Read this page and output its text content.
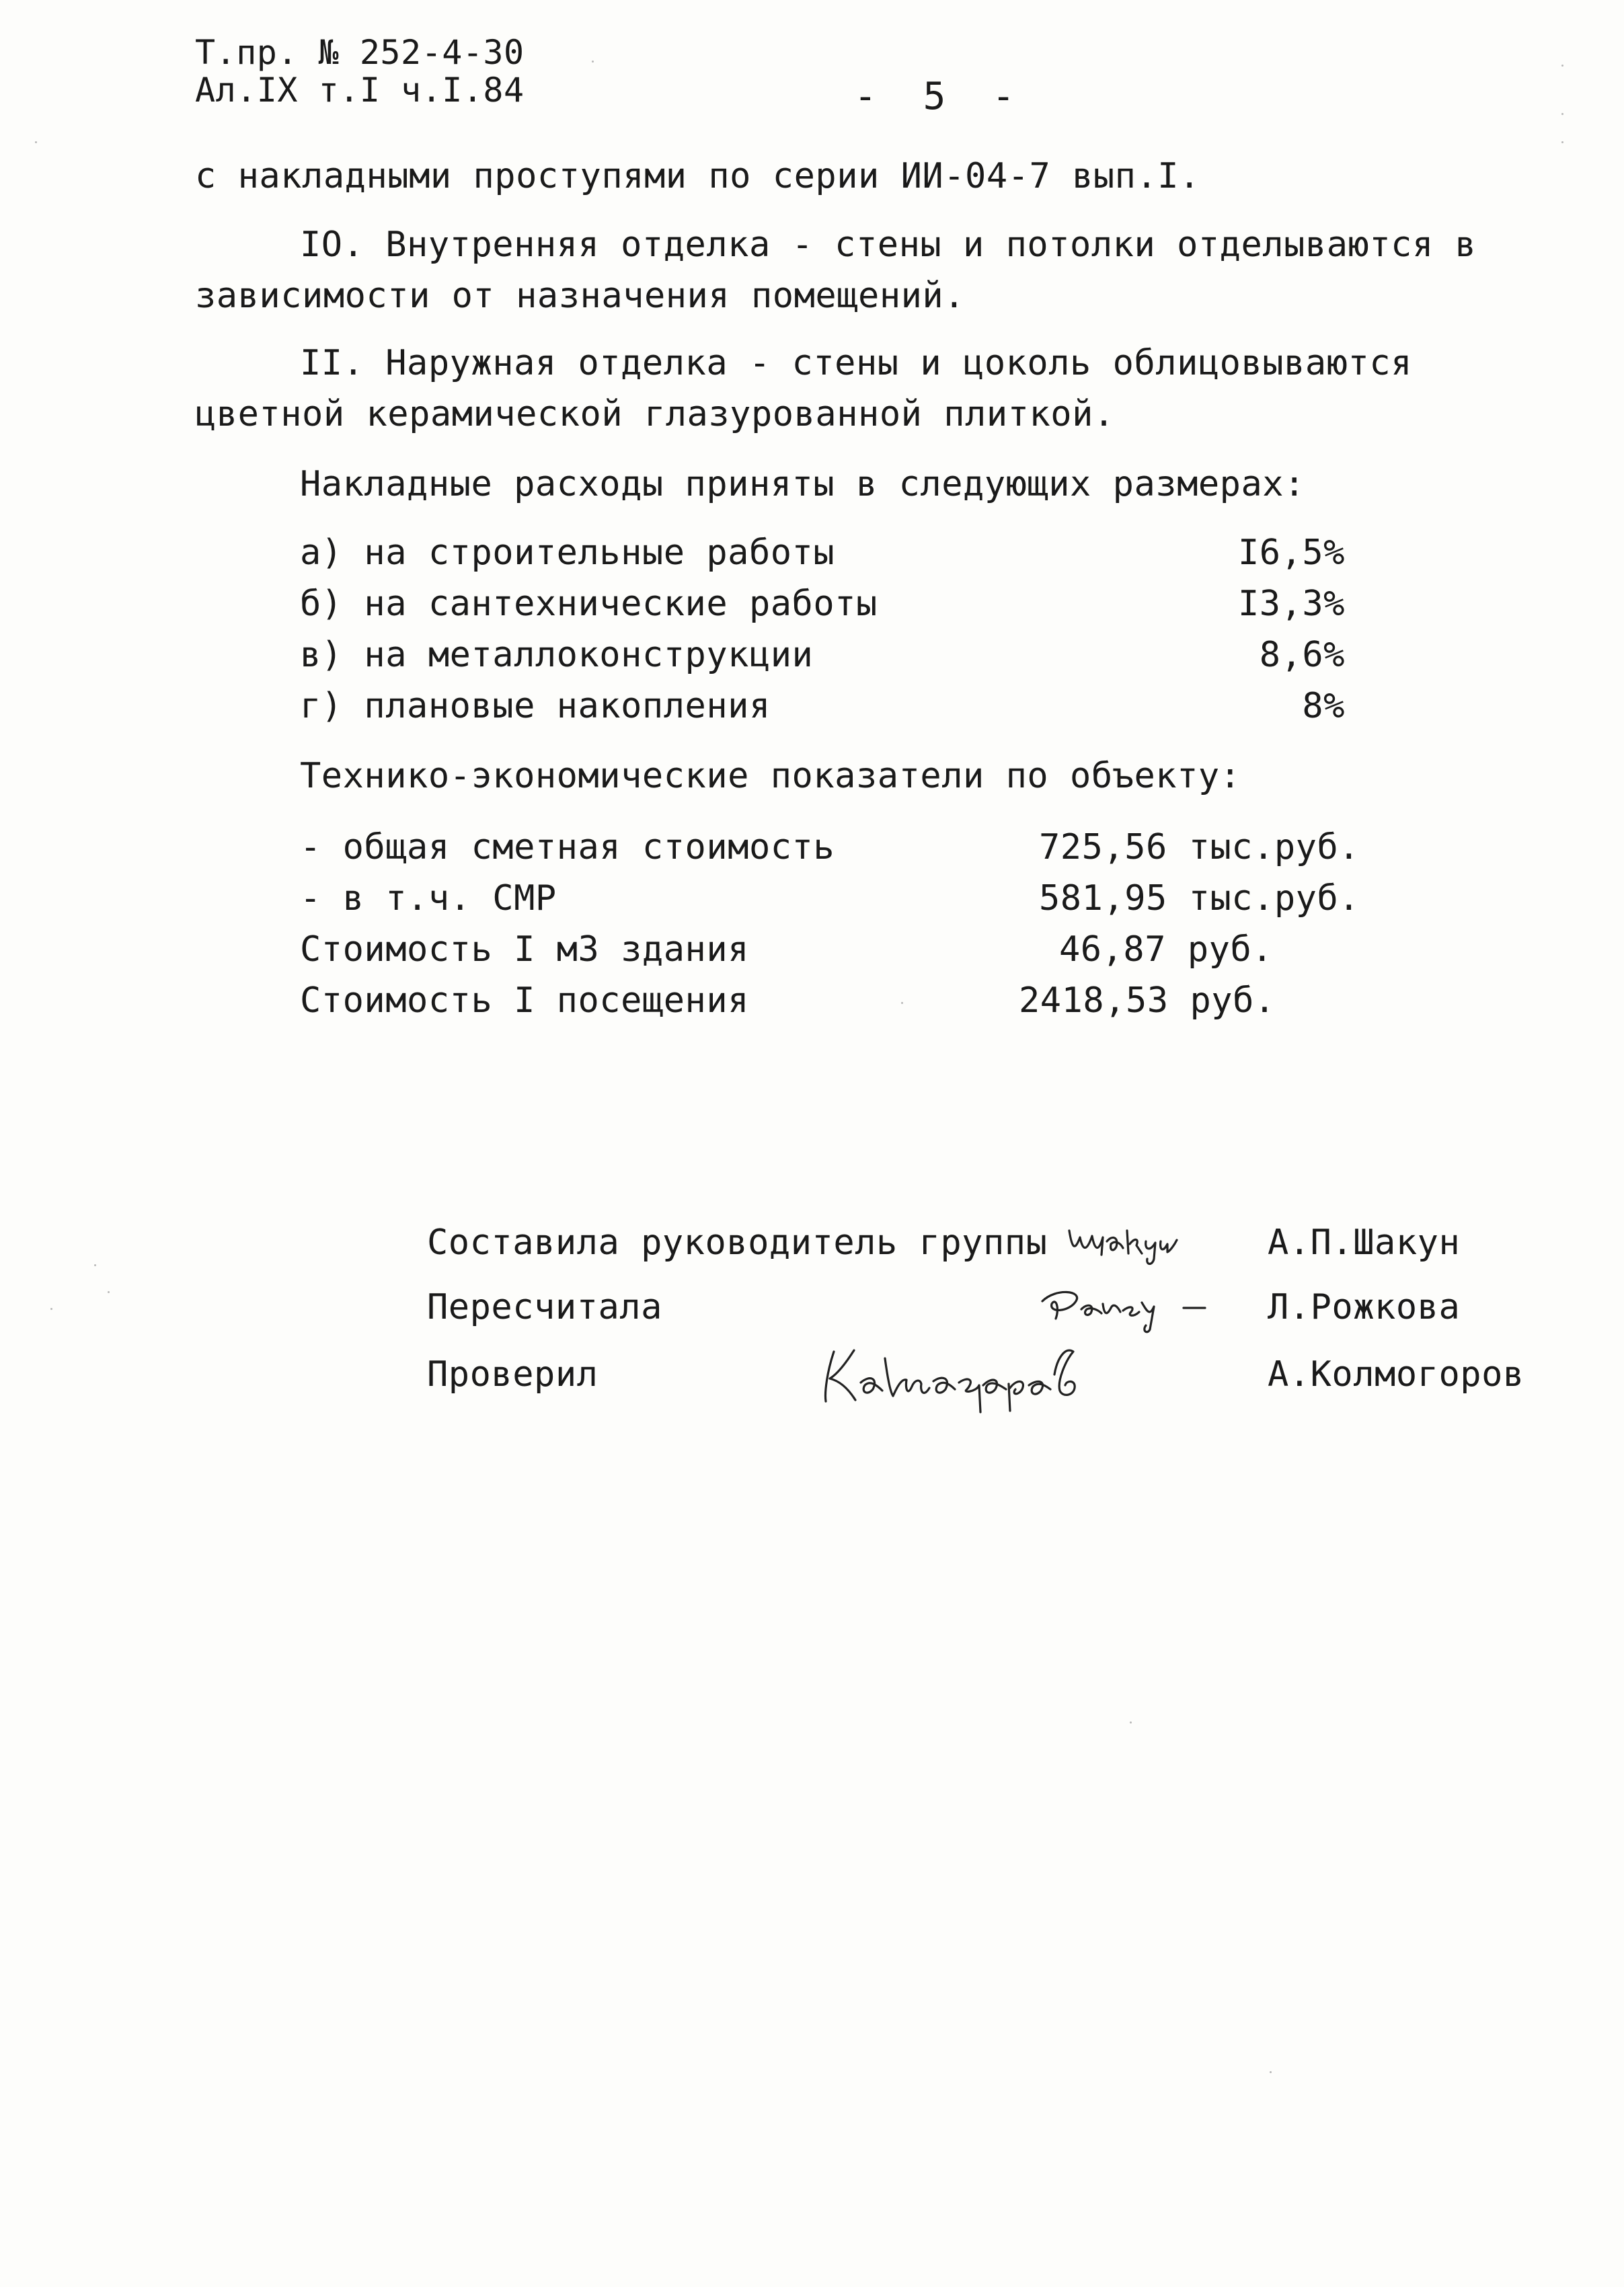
Т.пр. № 252-4-30
Ал.IX т.I ч.I.84	-  5  -
с накладными проступями по серии ИИ-04-7 вып.I.
IO. Внутренняя отделка - стены и потолки отделываются в
зависимости от назначения помещений.
II. Наружная отделка - стены и цоколь облицовываются
цветной керамической глазурованной плиткой.
Накладные расходы приняты в следующих размерах:
а) на строительные работы	I6,5%
б) на сантехнические работы	I3,3%
в) на металлоконструкции	8,6%
г) плановые накопления	8%
Технико-экономические показатели по объекту:
- общая сметная стоимость	725,56 тыс.руб.
- в т.ч. СМР	581,95 тыс.руб.
Стоимость I м3 здания	46,87 руб.
Стоимость I посещения	2418,53 руб.
Составила руководитель группы	А.П.Шакун
Пересчитала	Л.Рожкова
Проверил	А.Колмогоров
